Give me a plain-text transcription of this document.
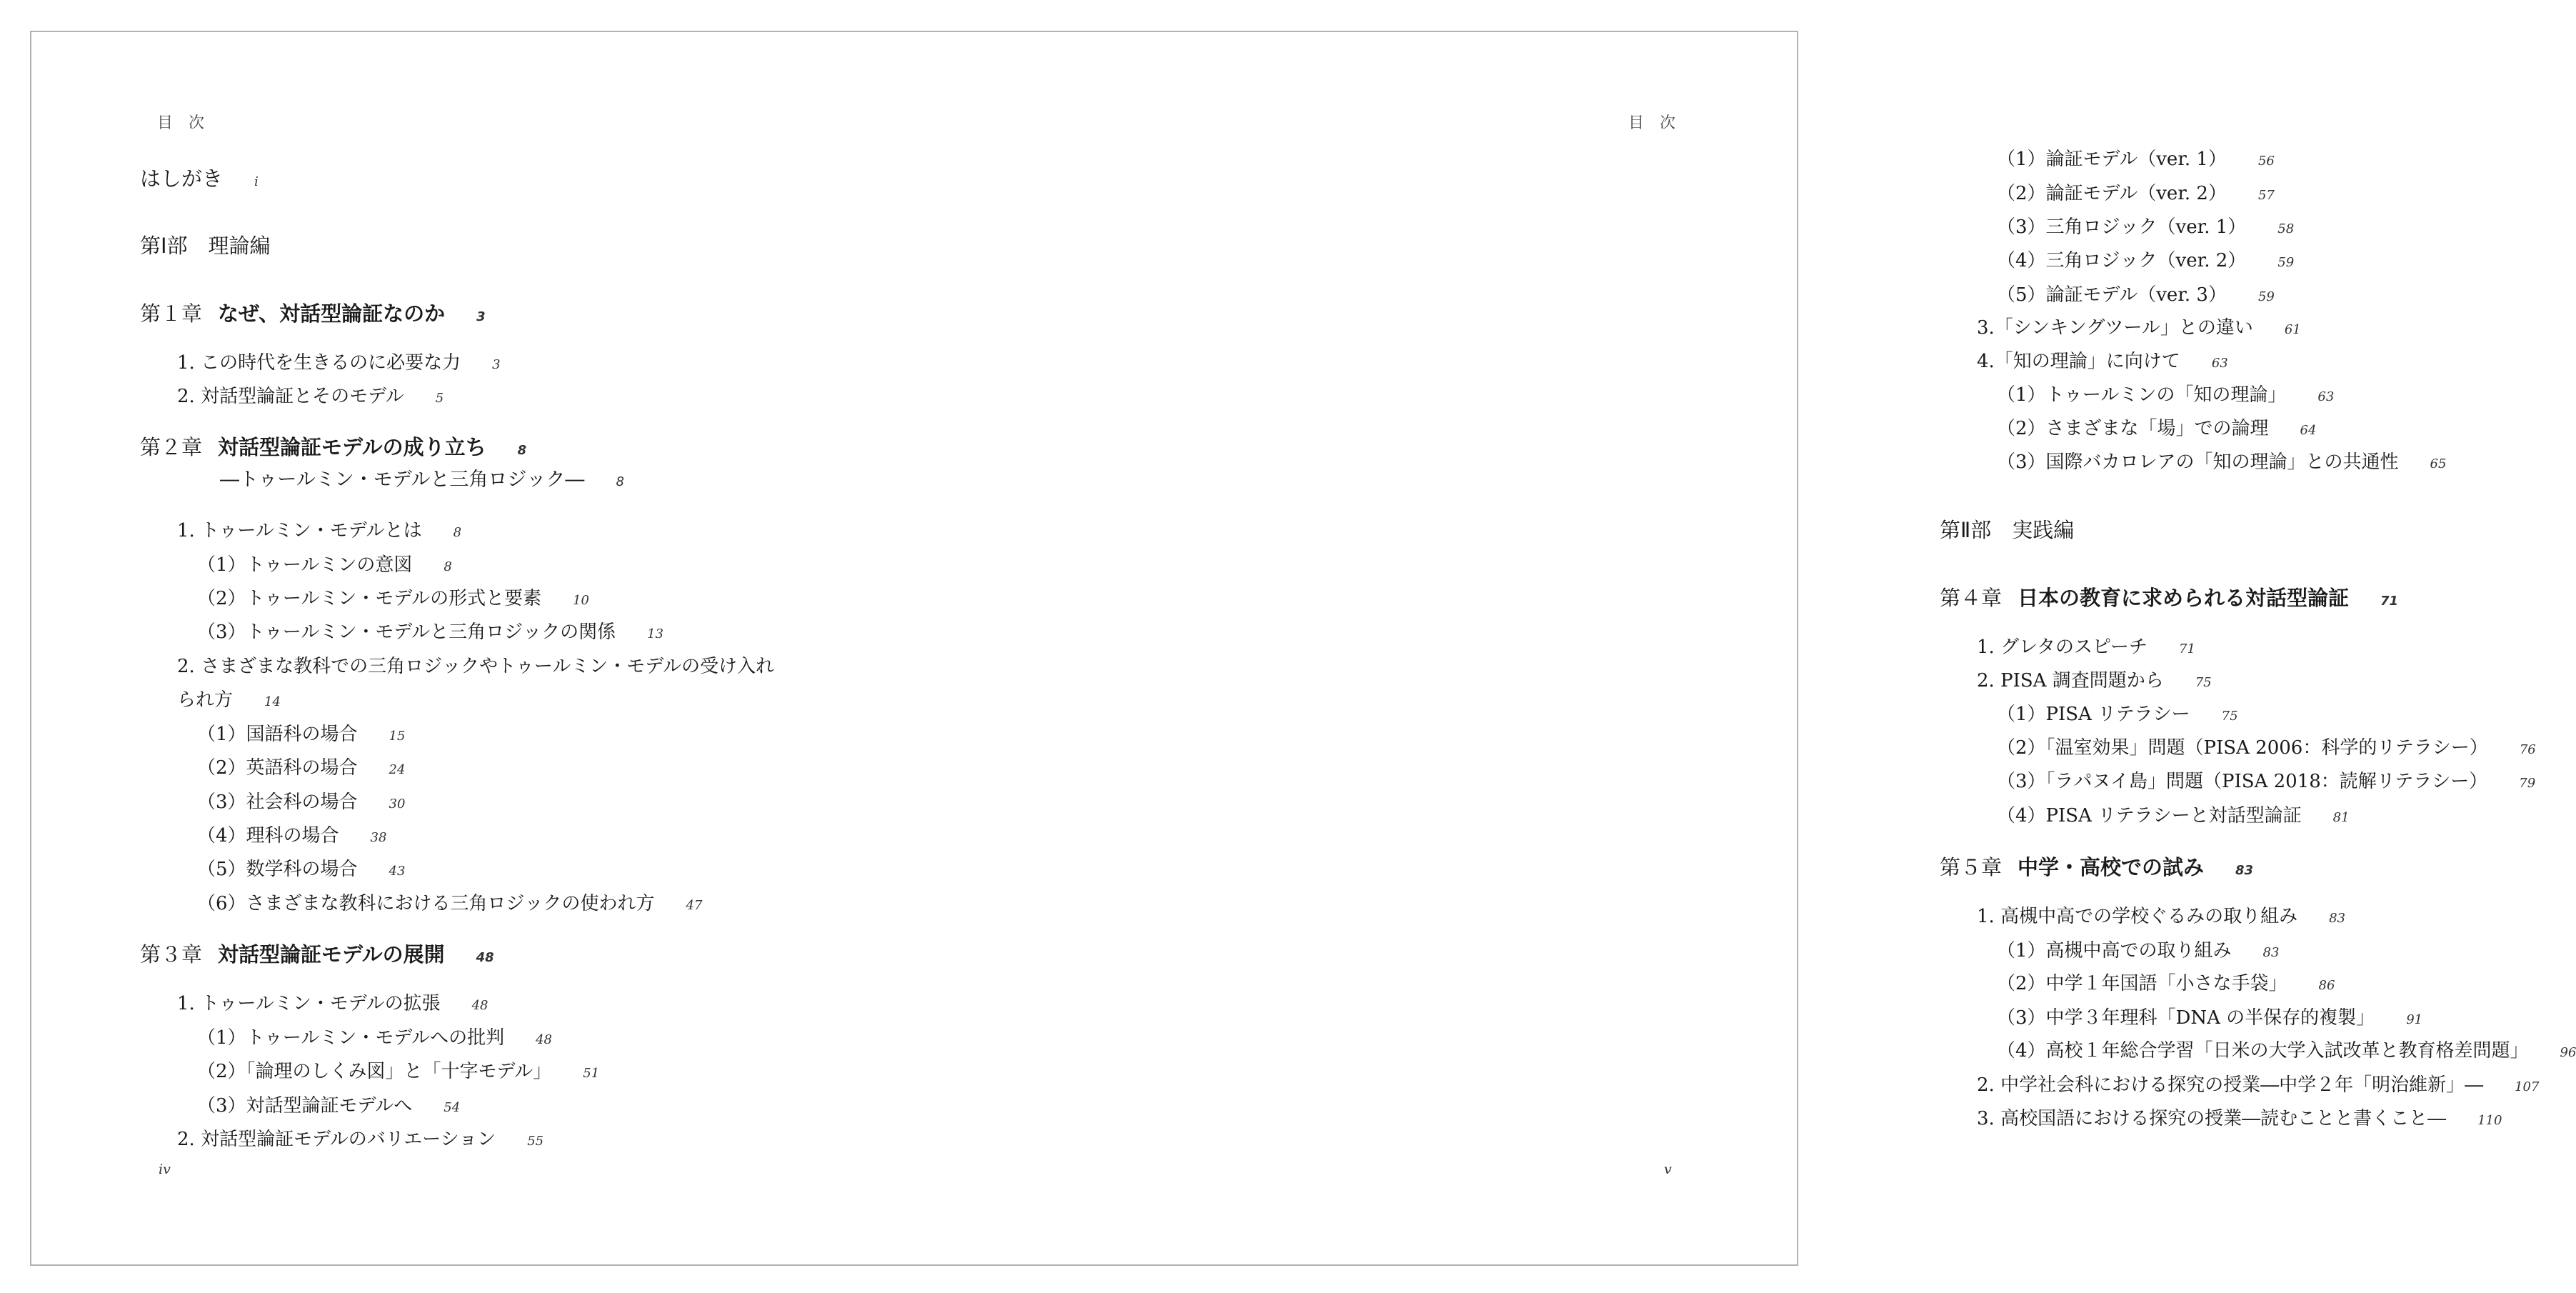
目次
はしがき i
第Ⅰ部　理論編
第１章 なぜ、対話型論証なのか 3
1. この時代を生きるのに必要な力 3
2. 対話型論証とそのモデル 5
第２章 対話型論証モデルの成り立ち 8
―トゥールミン・モデルと三角ロジック― 8
1. トゥールミン・モデルとは 8
（1）トゥールミンの意図 8
（2）トゥールミン・モデルの形式と要素 10
（3）トゥールミン・モデルと三角ロジックの関係 13
2. さまざまな教科での三角ロジックやトゥールミン・モデルの受け入れ
られ方 14
（1）国語科の場合 15
（2）英語科の場合 24
（3）社会科の場合 30
（4）理科の場合 38
（5）数学科の場合 43
（6）さまざまな教科における三角ロジックの使われ方 47
第３章 対話型論証モデルの展開 48
1. トゥールミン・モデルの拡張 48
（1）トゥールミン・モデルへの批判 48
（2）「論理のしくみ図」と「十字モデル」 51
（3）対話型論証モデルへ 54
2. 対話型論証モデルのバリエーション 55
iv
目次
（1）論証モデル（ver. 1） 56
（2）論証モデル（ver. 2） 57
（3）三角ロジック（ver. 1） 58
（4）三角ロジック（ver. 2） 59
（5）論証モデル（ver. 3） 59
3.「シンキングツール」との違い 61
4.「知の理論」に向けて 63
（1）トゥールミンの「知の理論」 63
（2）さまざまな「場」での論理 64
（3）国際バカロレアの「知の理論」との共通性 65
第Ⅱ部　実践編
第４章 日本の教育に求められる対話型論証 71
1. グレタのスピーチ 71
2. PISA 調査問題から 75
（1）PISA リテラシー 75
（2）「温室効果」問題（PISA 2006：科学的リテラシー） 76
（3）「ラパヌイ島」問題（PISA 2018：読解リテラシー） 79
（4）PISA リテラシーと対話型論証 81
第５章 中学・高校での試み 83
1. 高槻中高での学校ぐるみの取り組み 83
（1）高槻中高での取り組み 83
（2）中学１年国語「小さな手袋」 86
（3）中学３年理科「DNA の半保存的複製」 91
（4）高校１年総合学習「日米の大学入試改革と教育格差問題」 96
2. 中学社会科における探究の授業―中学２年「明治維新」― 107
3. 高校国語における探究の授業―読むことと書くこと― 110
v
